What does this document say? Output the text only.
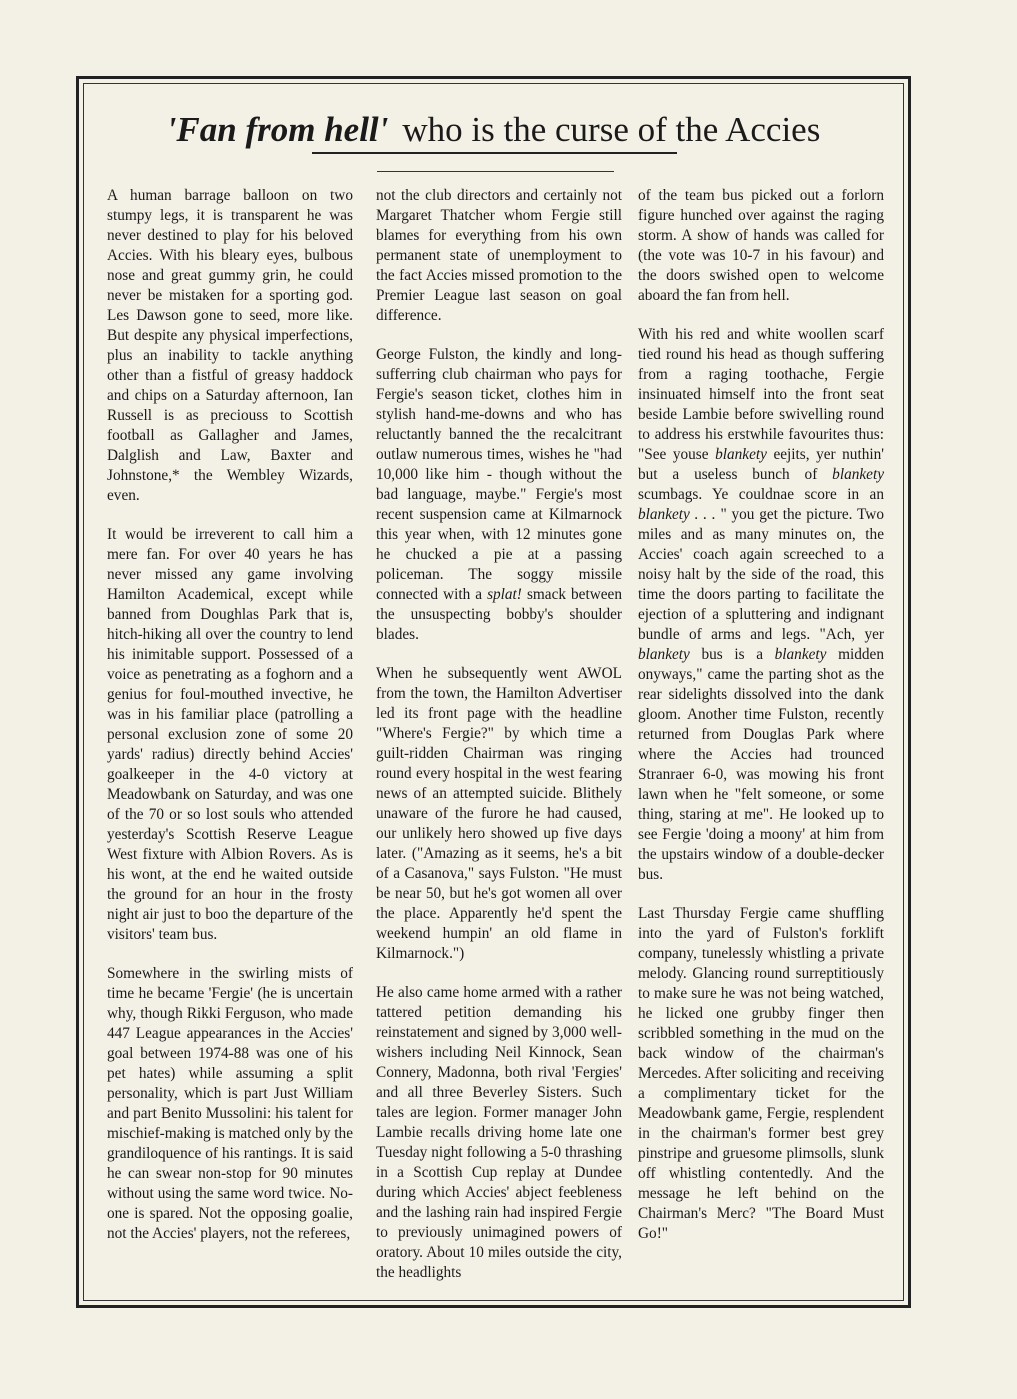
'Fan from hell' who is the curse of the Accies

A human barrage balloon on two stumpy legs, it is transparent he was never destined to play for his beloved Accies. With his bleary eyes, bulbous nose and great gummy grin, he could never be mistaken for a sporting god. Les Dawson gone to seed, more like. But despite any physical imperfections, plus an inability to tackle anything other than a fistful of greasy haddock and chips on a Saturday afternoon, Ian Russell is as preciouss to Scottish football as Gallagher and James, Dalglish and Law, Baxter and Johnstone,* the Wembley Wizards, even.

It would be irreverent to call him a mere fan. For over 40 years he has never missed any game involving Hamilton Academical, except while banned from Doughlas Park that is, hitch-hiking all over the country to lend his inimitable support. Possessed of a voice as penetrating as a foghorn and a genius for foul-mouthed invective, he was in his familiar place (patrolling a personal exclusion zone of some 20 yards' radius) directly behind Accies' goalkeeper in the 4-0 victory at Meadowbank on Saturday, and was one of the 70 or so lost souls who attended yesterday's Scottish Reserve League West fixture with Albion Rovers. As is his wont, at the end he waited outside the ground for an hour in the frosty night air just to boo the departure of the visitors' team bus.

Somewhere in the swirling mists of time he became 'Fergie' (he is uncertain why, though Rikki Ferguson, who made 447 League appearances in the Accies' goal between 1974-88 was one of his pet hates) while assuming a split personality, which is part Just William and part Benito Mussolini: his talent for mischief-making is matched only by the grandiloquence of his rantings. It is said he can swear non-stop for 90 minutes without using the same word twice. No-one is spared. Not the opposing goalie, not the Accies' players, not the referees,

not the club directors and certainly not Margaret Thatcher whom Fergie still blames for everything from his own permanent state of unemployment to the fact Accies missed promotion to the Premier League last season on goal difference.

George Fulston, the kindly and long-sufferring club chairman who pays for Fergie's season ticket, clothes him in stylish hand-me-downs and who has reluctantly banned the the recalcitrant outlaw numerous times, wishes he "had 10,000 like him - though without the bad language, maybe." Fergie's most recent suspension came at Kilmarnock this year when, with 12 minutes gone he chucked a pie at a passing policeman. The soggy missile connected with a splat! smack between the unsuspecting bobby's shoulder blades.

When he subsequently went AWOL from the town, the Hamilton Advertiser led its front page with the headline "Where's Fergie?" by which time a guilt-ridden Chairman was ringing round every hospital in the west fearing news of an attempted suicide. Blithely unaware of the furore he had caused, our unlikely hero showed up five days later. ("Amazing as it seems, he's a bit of a Casanova," says Fulston. "He must be near 50, but he's got women all over the place. Apparently he'd spent the weekend humpin' an old flame in Kilmarnock.")

He also came home armed with a rather tattered petition demanding his reinstatement and signed by 3,000 well-wishers including Neil Kinnock, Sean Connery, Madonna, both rival 'Fergies' and all three Beverley Sisters. Such tales are legion. Former manager John Lambie recalls driving home late one Tuesday night following a 5-0 thrashing in a Scottish Cup replay at Dundee during which Accies' abject feebleness and the lashing rain had inspired Fergie to previously unimagined powers of oratory. About 10 miles outside the city, the headlights

of the team bus picked out a forlorn figure hunched over against the raging storm. A show of hands was called for (the vote was 10-7 in his favour) and the doors swished open to welcome aboard the fan from hell.

With his red and white woollen scarf tied round his head as though suffering from a raging toothache, Fergie insinuated himself into the front seat beside Lambie before swivelling round to address his erstwhile favourites thus: "See youse blankety eejits, yer nuthin' but a useless bunch of blankety scumbags. Ye couldnae score in an blankety . . . " you get the picture. Two miles and as many minutes on, the Accies' coach again screeched to a noisy halt by the side of the road, this time the doors parting to facilitate the ejection of a spluttering and indignant bundle of arms and legs. "Ach, yer blankety bus is a blankety midden onyways," came the parting shot as the rear sidelights dissolved into the dank gloom. Another time Fulston, recently returned from Douglas Park where where the Accies had trounced Stranraer 6-0, was mowing his front lawn when he "felt someone, or some thing, staring at me". He looked up to see Fergie 'doing a moony' at him from the upstairs window of a double-decker bus.

Last Thursday Fergie came shuffling into the yard of Fulston's forklift company, tunelessly whistling a private melody. Glancing round surreptitiously to make sure he was not being watched, he licked one grubby finger then scribbled something in the mud on the back window of the chairman's Mercedes. After soliciting and receiving a complimentary ticket for the Meadowbank game, Fergie, resplendent in the chairman's former best grey pinstripe and gruesome plimsolls, slunk off whistling contentedly. And the message he left behind on the Chairman's Merc? "The Board Must Go!"
